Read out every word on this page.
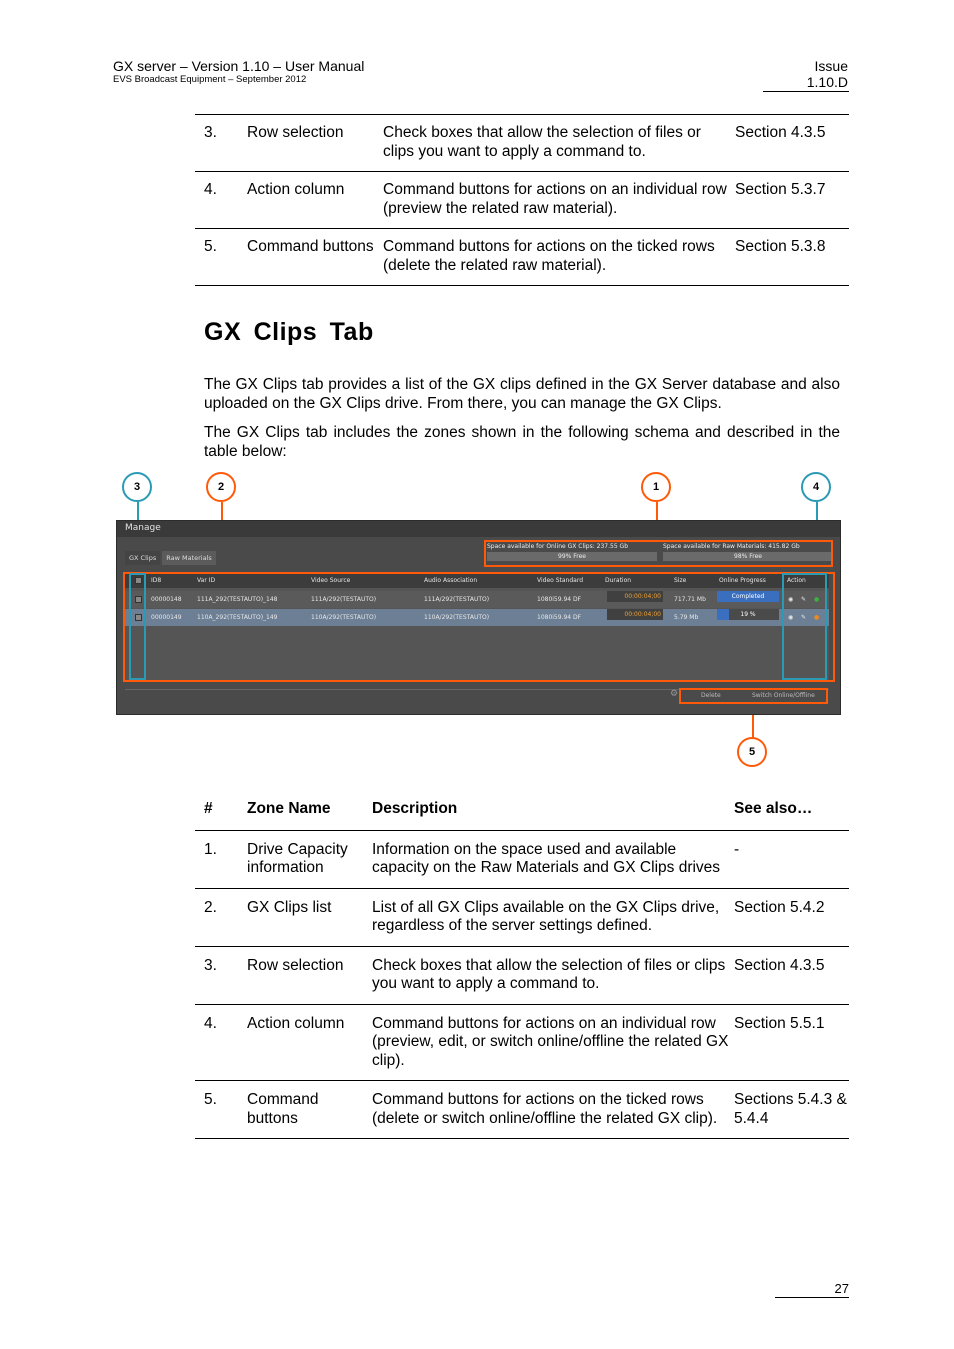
GX server – Version 1.10 – User Manual
EVS Broadcast Equipment – September 2012
Issue
1.10.D
3.	Row selection	Check boxes that allow the selection of files or clips you want to apply a command to.	Section 4.3.5
4.	Action column	Command buttons for actions on an individual row (preview the related raw material).	Section 5.3.7
5.	Command buttons	Command buttons for actions on the ticked rows (delete the related raw material).	Section 5.3.8
GX Clips Tab

The GX Clips tab provides a list of the GX clips defined in the GX Server database and also uploaded on the GX Clips drive. From there, you can manage the GX Clips.

The GX Clips tab includes the zones shown in the following schema and described in the table below:

3	2	1	4
5
Manage
GX Clips	Raw Materials
Space available for Online GX Clips: 237.55 Gb
99% Free
Space available for Raw Materials: 415.82 Gb
98% Free
ID8	Var ID	Video Source	Audio Association	Video Standard	Duration	Size	Online Progress	Action
00000148	111A_292(TESTAUTO)_148	111A/292(TESTAUTO)	111A/292(TESTAUTO)	1080i59.94 DF	00:00:04;00	717.71 Mb	Completed	◉ ✎ ●
00000149	110A_292(TESTAUTO)_149	110A/292(TESTAUTO)	110A/292(TESTAUTO)	1080i59.94 DF	00:00:04;00	5.79 Mb	19 %	◉ ✎ ●
⚙	Delete	Switch Online/Offline
#	Zone Name	Description	See also…
1.	Drive Capacity information	Information on the space used and available capacity on the Raw Materials and GX Clips drives	-
2.	GX Clips list	List of all GX Clips available on the GX Clips drive, regardless of the server settings defined.	Section 5.4.2
3.	Row selection	Check boxes that allow the selection of files or clips you want to apply a command to.	Section 4.3.5
4.	Action column	Command buttons for actions on an individual row (preview, edit, or switch online/offline the related GX clip).	Section 5.5.1
5.	Command buttons	Command buttons for actions on the ticked rows (delete or switch online/offline the related GX clip).	Sections 5.4.3 & 5.4.4
27
